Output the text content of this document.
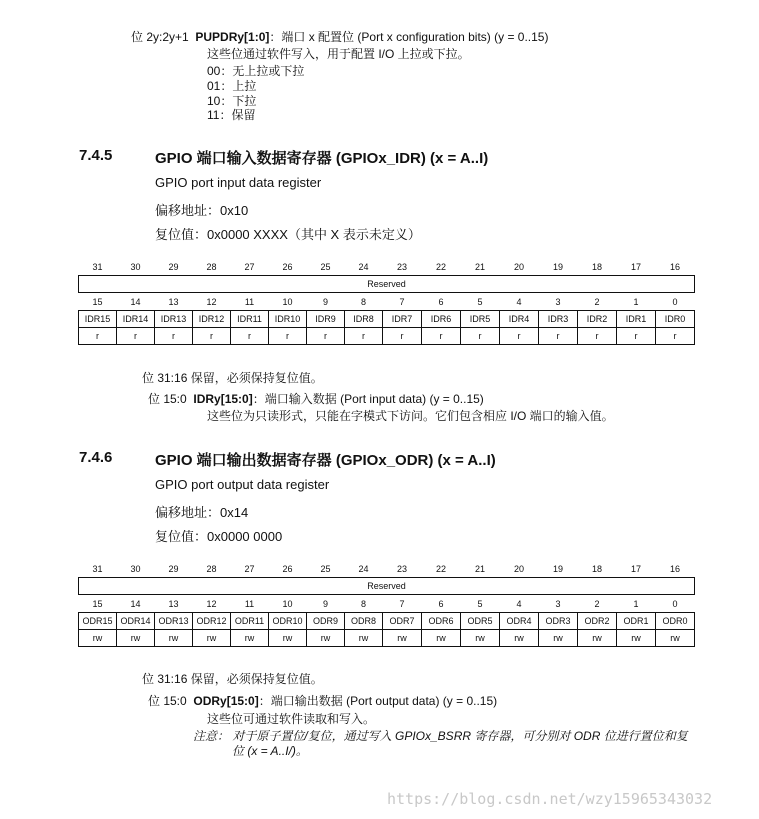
位 2y:2y+1 PUPDRy[1:0]：端口 x 配置位 (Port x configuration bits) (y = 0..15)
这些位通过软件写入，用于配置 I/O 上拉或下拉。
00：无上拉或下拉
01：上拉
10：下拉
11：保留
7.4.5	GPIO 端口输入数据寄存器 (GPIOx_IDR) (x = A..I)
GPIO port input data register
偏移地址：0x10
复位值：0x0000 XXXX（其中 X 表示未定义）
31	30	29	28	27	26	25	24	23	22	21	20	19	18	17	16
Reserved															
15	14	13	12	11	10	9	8	7	6	5	4	3	2	1	0
IDR15	IDR14	IDR13	IDR12	IDR11	IDR10	IDR9	IDR8	IDR7	IDR6	IDR5	IDR4	IDR3	IDR2	IDR1	IDR0
r	r	r	r	r	r	r	r	r	r	r	r	r	r	r	r
位 31:16 保留，必须保持复位值。
位 15:0 IDRy[15:0]：端口输入数据 (Port input data) (y = 0..15)
这些位为只读形式，只能在字模式下访问。它们包含相应 I/O 端口的输入值。
7.4.6	GPIO 端口输出数据寄存器 (GPIOx_ODR) (x = A..I)
GPIO port output data register
偏移地址：0x14
复位值：0x0000 0000
31	30	29	28	27	26	25	24	23	22	21	20	19	18	17	16
Reserved															
15	14	13	12	11	10	9	8	7	6	5	4	3	2	1	0
ODR15	ODR14	ODR13	ODR12	ODR11	ODR10	ODR9	ODR8	ODR7	ODR6	ODR5	ODR4	ODR3	ODR2	ODR1	ODR0
rw	rw	rw	rw	rw	rw	rw	rw	rw	rw	rw	rw	rw	rw	rw	rw
位 31:16 保留，必须保持复位值。
位 15:0 ODRy[15:0]：端口输出数据 (Port output data) (y = 0..15)
这些位可通过软件读取和写入。
注意： 对于原子置位/复位，通过写入 GPIOx_BSRR 寄存器，可分别对 ODR 位进行置位和复
位 (x = A..I/)。
https://blog.csdn.net/wzy15965343032
